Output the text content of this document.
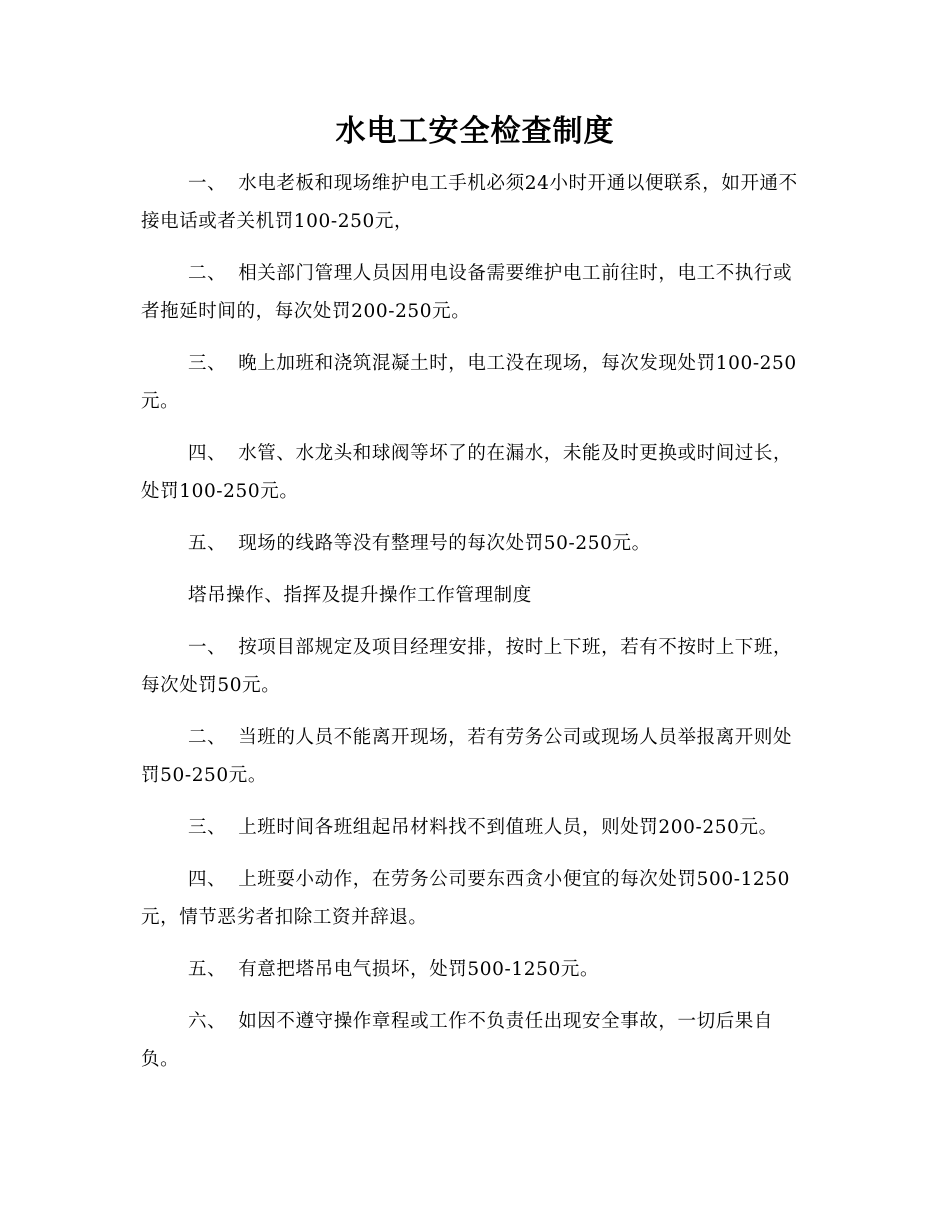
水电工安全检查制度

一、 水电老板和现场维护电工手机必须24小时开通以便联系，如开通不接电话或者关机罚100-250元，

二、 相关部门管理人员因用电设备需要维护电工前往时，电工不执行或者拖延时间的，每次处罚200-250元。

三、 晚上加班和浇筑混凝土时，电工没在现场，每次发现处罚100-250元。

四、 水管、水龙头和球阀等坏了的在漏水，未能及时更换或时间过长，处罚100-250元。

五、 现场的线路等没有整理号的每次处罚50-250元。

塔吊操作、指挥及提升操作工作管理制度

一、 按项目部规定及项目经理安排，按时上下班，若有不按时上下班，每次处罚50元。

二、 当班的人员不能离开现场，若有劳务公司或现场人员举报离开则处罚50-250元。

三、 上班时间各班组起吊材料找不到值班人员，则处罚200-250元。

四、 上班耍小动作，在劳务公司要东西贪小便宜的每次处罚500-1250元，情节恶劣者扣除工资并辞退。

五、 有意把塔吊电气损坏，处罚500-1250元。

六、 如因不遵守操作章程或工作不负责任出现安全事故，一切后果自负。
